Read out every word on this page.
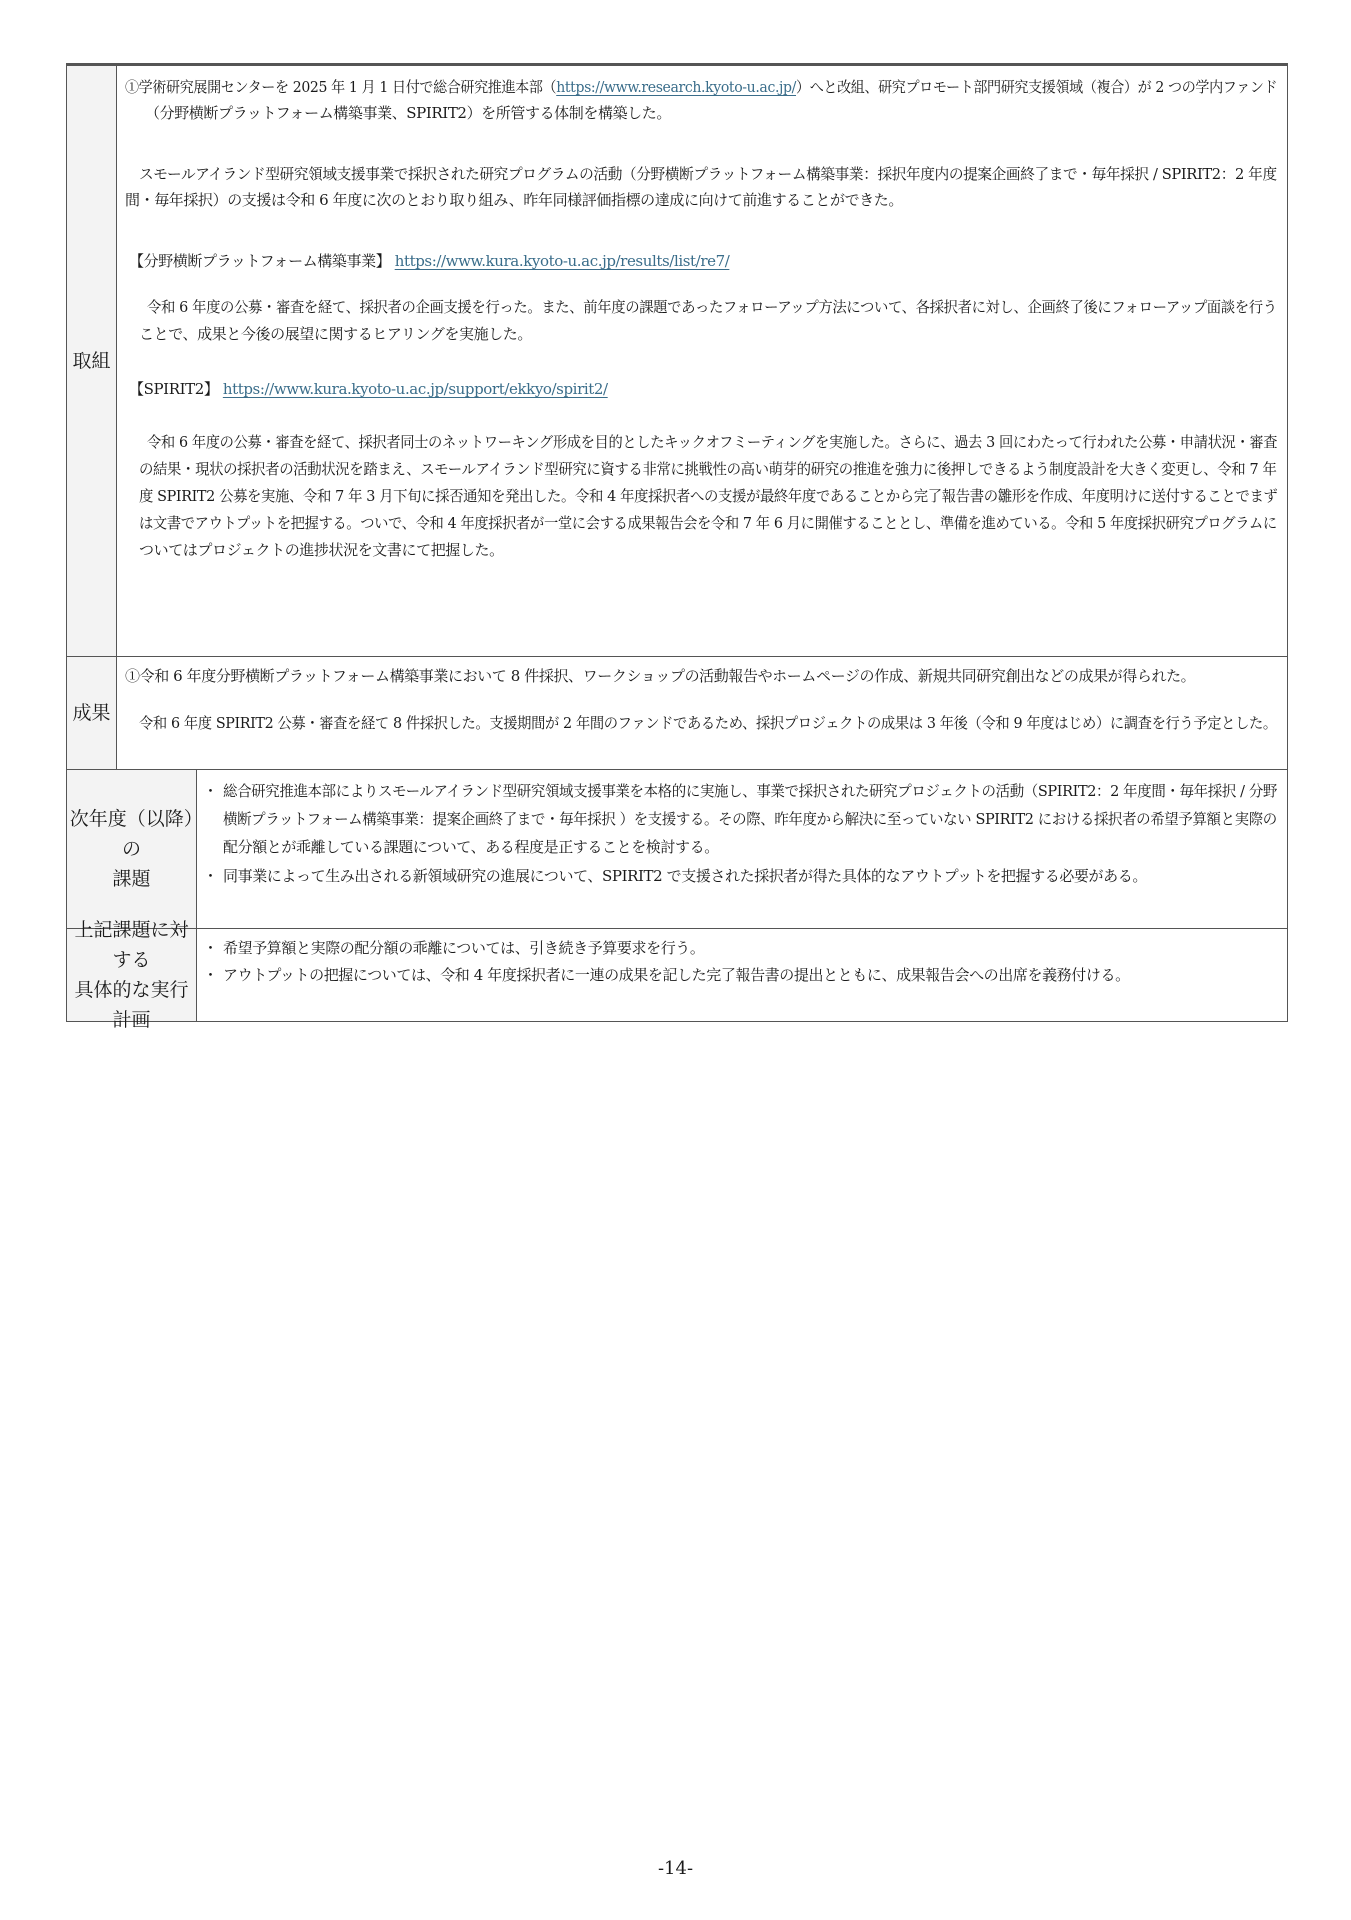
取組
①学術研究展開センターを 2025 年 1 月 1 日付で総合研究推進本部（https://www.research.kyoto-u.ac.jp/）へと改組、研究プロモート部門研究支援領域（複合）が 2 つの学内ファンド
（分野横断プラットフォーム構築事業、SPIRIT2）を所管する体制を構築した。
スモールアイランド型研究領域支援事業で採択された研究プログラムの活動（分野横断プラットフォーム構築事業：採択年度内の提案企画終了まで・毎年採択 / SPIRIT2：2 年度
間・毎年採択）の支援は令和 6 年度に次のとおり取り組み、昨年同様評価指標の達成に向けて前進することができた。
【分野横断プラットフォーム構築事業】 https://www.kura.kyoto-u.ac.jp/results/list/re7/
令和 6 年度の公募・審査を経て、採択者の企画支援を行った。また、前年度の課題であったフォローアップ方法について、各採択者に対し、企画終了後にフォローアップ面談を行う
ことで、成果と今後の展望に関するヒアリングを実施した。
【SPIRIT2】 https://www.kura.kyoto-u.ac.jp/support/ekkyo/spirit2/
令和 6 年度の公募・審査を経て、採択者同士のネットワーキング形成を目的としたキックオフミーティングを実施した。さらに、過去 3 回にわたって行われた公募・申請状況・審査
の結果・現状の採択者の活動状況を踏まえ、スモールアイランド型研究に資する非常に挑戦性の高い萌芽的研究の推進を強力に後押しできるよう制度設計を大きく変更し、令和 7 年
度 SPIRIT2 公募を実施、令和 7 年 3 月下旬に採否通知を発出した。令和 4 年度採択者への支援が最終年度であることから完了報告書の雛形を作成、年度明けに送付することでまず
は文書でアウトプットを把握する。ついで、令和 4 年度採択者が一堂に会する成果報告会を令和 7 年 6 月に開催することとし、準備を進めている。令和 5 年度採択研究プログラムに
ついてはプロジェクトの進捗状況を文書にて把握した。
成果
①令和 6 年度分野横断プラットフォーム構築事業において 8 件採択、ワークショップの活動報告やホームページの作成、新規共同研究創出などの成果が得られた。
令和 6 年度 SPIRIT2 公募・審査を経て 8 件採択した。支援期間が 2 年間のファンドであるため、採択プロジェクトの成果は 3 年後（令和 9 年度はじめ）に調査を行う予定とした。
次年度（以降）の
課題
・ 総合研究推進本部によりスモールアイランド型研究領域支援事業を本格的に実施し、事業で採択された研究プロジェクトの活動（SPIRIT2：2 年度間・毎年採択 / 分野
横断プラットフォーム構築事業：提案企画終了まで・毎年採択 ）を支援する。その際、昨年度から解決に至っていない SPIRIT2 における採択者の希望予算額と実際の
配分額とが乖離している課題について、ある程度是正することを検討する。
・ 同事業によって生み出される新領域研究の進展について、SPIRIT2 で支援された採択者が得た具体的なアウトプットを把握する必要がある。
上記課題に対する
具体的な実行計画
・ 希望予算額と実際の配分額の乖離については、引き続き予算要求を行う。
・ アウトプットの把握については、令和 4 年度採択者に一連の成果を記した完了報告書の提出とともに、成果報告会への出席を義務付ける。
-14-
